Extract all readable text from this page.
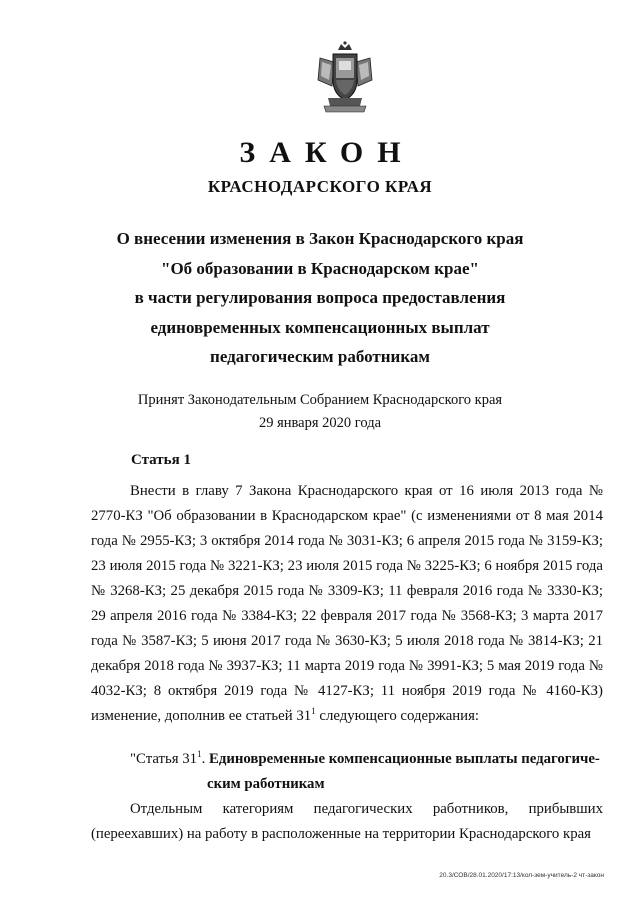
ЗАКОН
КРАСНОДАРСКОГО КРАЯ
О внесении изменения в Закон Краснодарского края
"Об образовании в Краснодарском крае"
в части регулирования вопроса предоставления
единовременных компенсационных выплат
педагогическим работникам
Принят Законодательным Собранием Краснодарского края
29 января 2020 года
Статья 1

Внести в главу 7 Закона Краснодарского края от 16 июля 2013 года № 2770-КЗ "Об образовании в Краснодарском крае" (с изменениями от 8 мая 2014 года № 2955-КЗ; 3 октября 2014 года № 3031-КЗ; 6 апреля 2015 года № 3159-КЗ; 23 июля 2015 года № 3221-КЗ; 23 июля 2015 года № 3225-КЗ; 6 ноября 2015 года № 3268-КЗ; 25 декабря 2015 года № 3309-КЗ; 11 февраля 2016 года № 3330-КЗ; 29 апреля 2016 года № 3384-КЗ; 22 февраля 2017 года № 3568-КЗ; 3 марта 2017 года № 3587-КЗ; 5 июня 2017 года № 3630-КЗ; 5 июля 2018 года № 3814-КЗ; 21 декабря 2018 года № 3937-КЗ; 11 марта 2019 года № 3991-КЗ; 5 мая 2019 года № 4032-КЗ; 8 октября 2019 года № 4127-КЗ; 11 ноября 2019 года № 4160-КЗ) изменение, дополнив ее статьей $31^1$ следующего содержания:

"Статья $31^1$. Единовременные компенсационные выплаты педагогиче-
ским работникам

Отдельным категориям педагогических работников, прибывших (переехавших) на работу в расположенные на территории Краснодарского края

20.3/СОВ/28.01.2020/17:13/кол-зем-учитель-2 чт-закон
